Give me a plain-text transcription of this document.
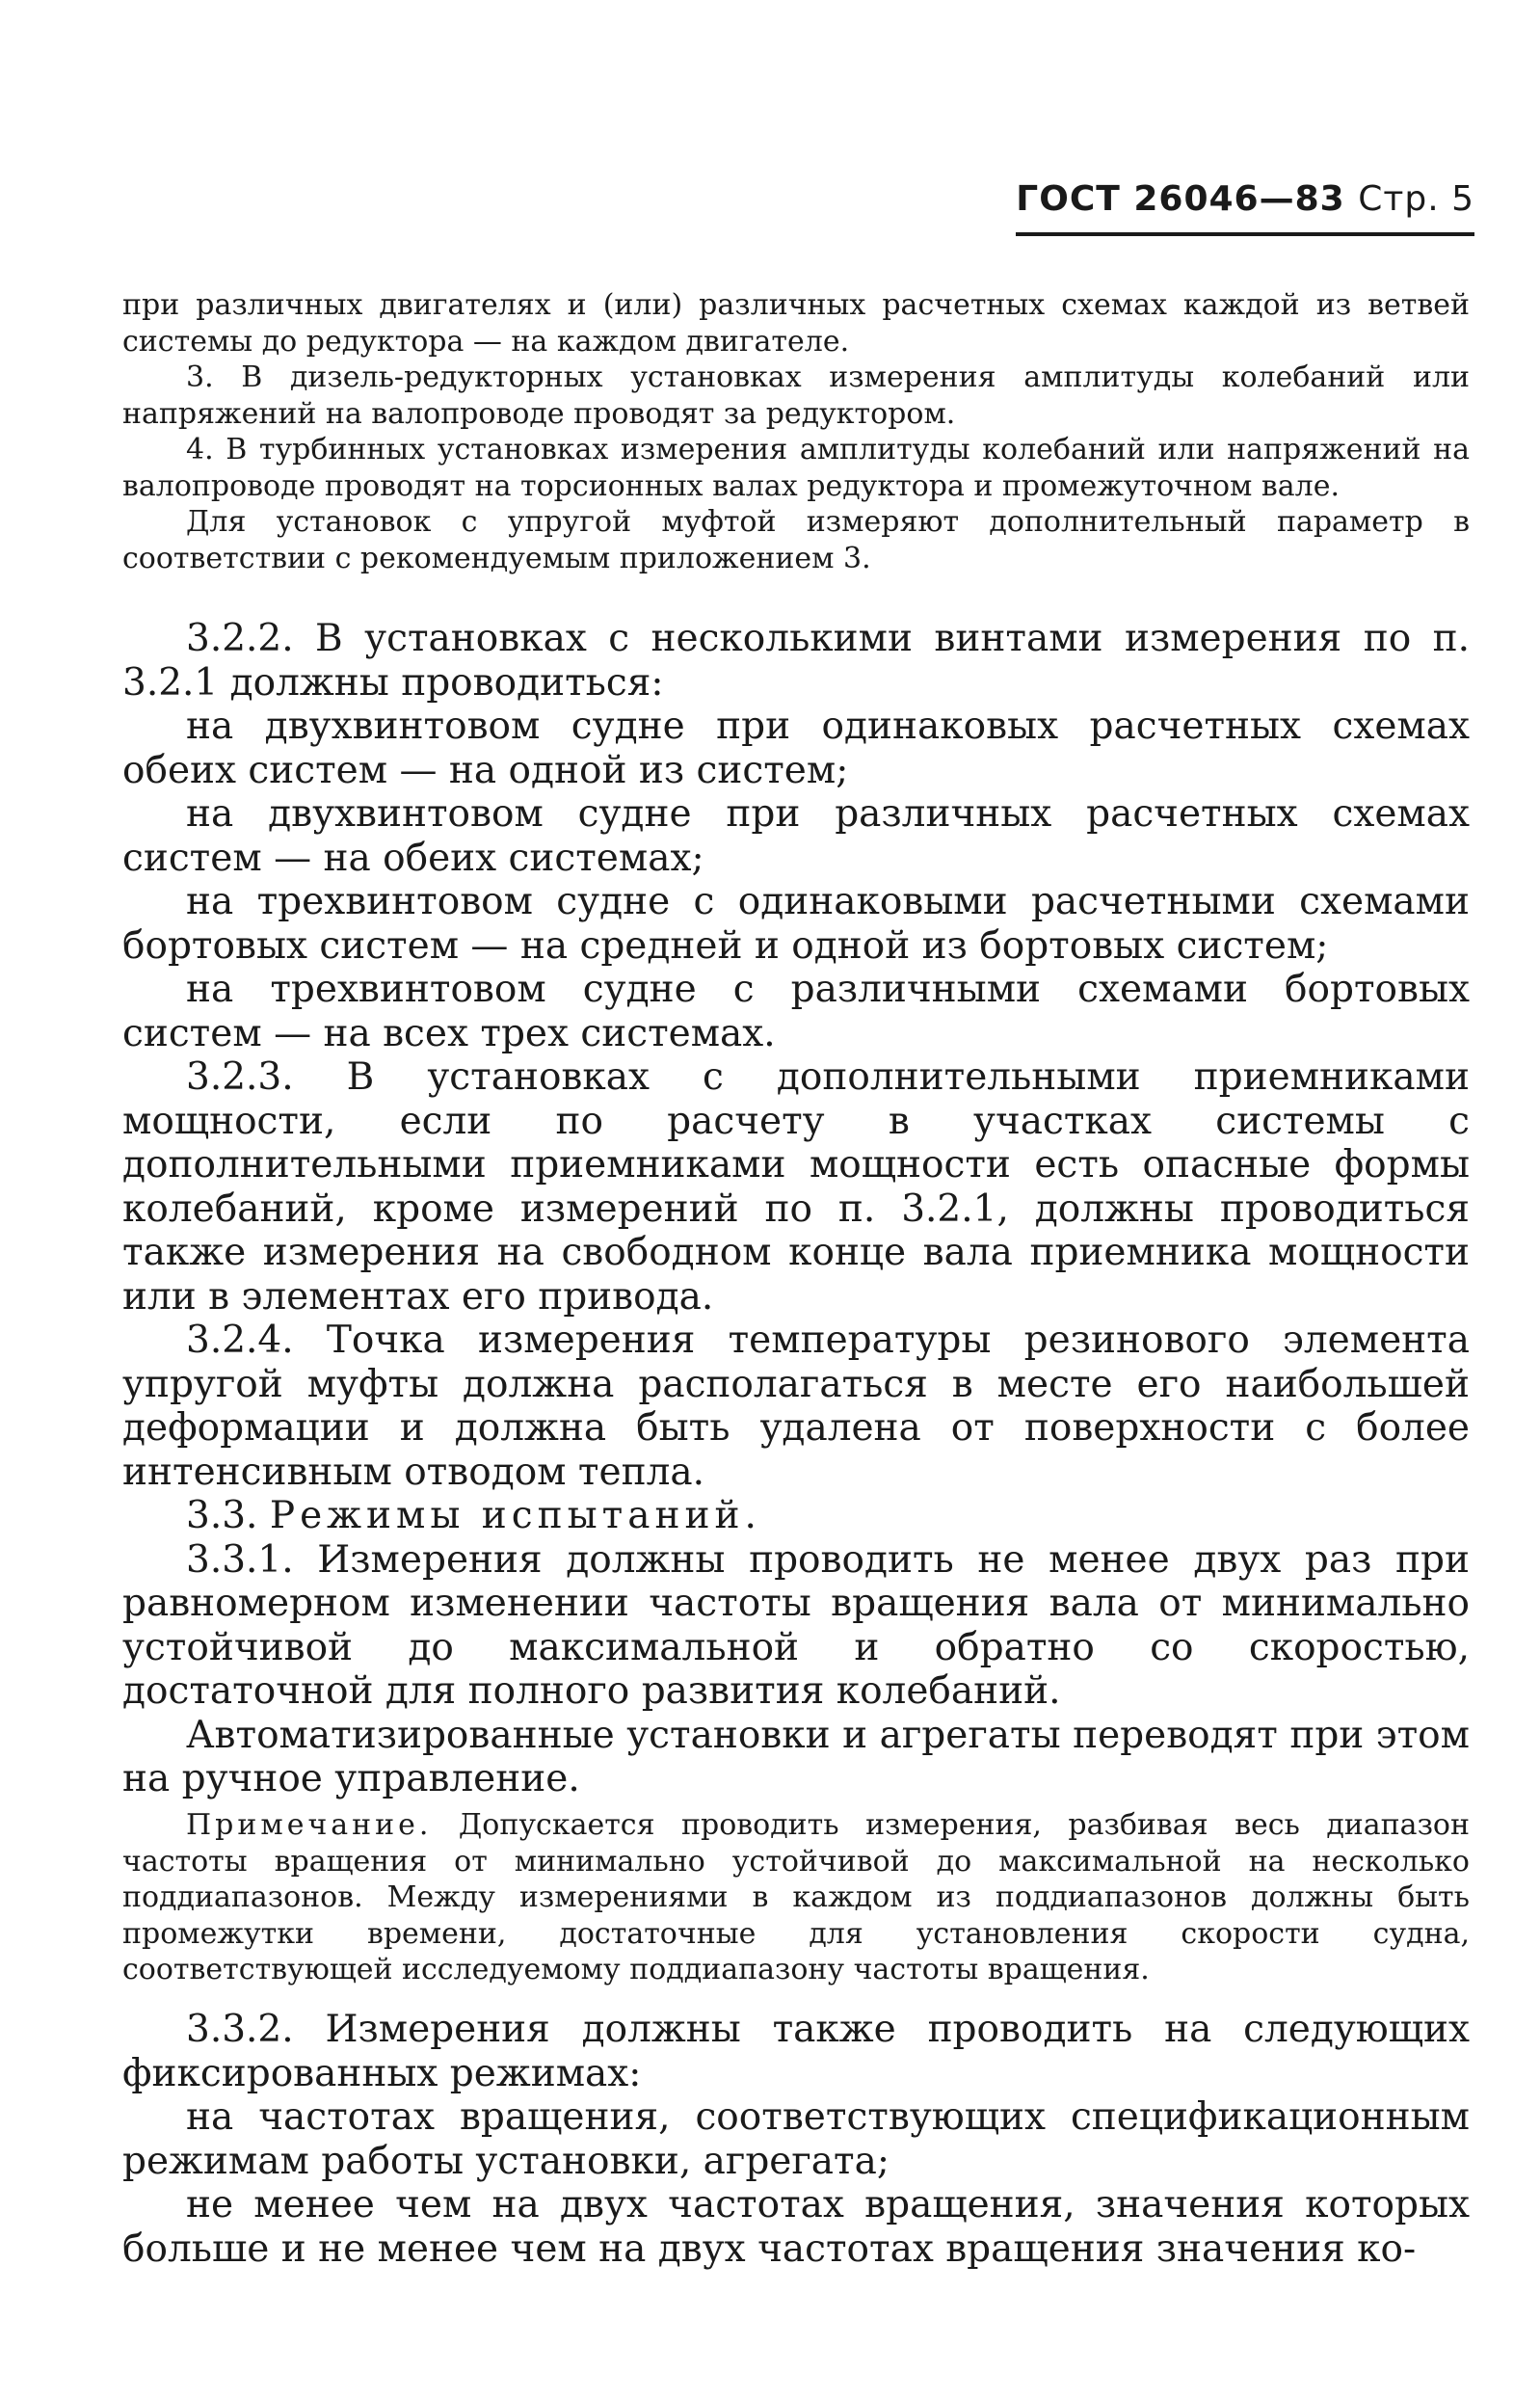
ГОСТ 26046—83 Стр. 5

при различных двигателях и (или) различных расчетных схемах каждой из ветвей системы до редуктора — на каждом двигателе.

3. В дизель-редукторных установках измерения амплитуды колебаний или напряжений на валопроводе проводят за редуктором.

4. В турбинных установках измерения амплитуды колебаний или напряжений на валопроводе проводят на торсионных валах редуктора и промежуточном вале.

Для установок с упругой муфтой измеряют дополнительный параметр в соответствии с рекомендуемым приложением 3.

3.2.2. В установках с несколькими винтами измерения по п. 3.2.1 должны проводиться:

на двухвинтовом судне при одинаковых расчетных схемах обеих систем — на одной из систем;

на двухвинтовом судне при различных расчетных схемах систем — на обеих системах;

на трехвинтовом судне с одинаковыми расчетными схемами бортовых систем — на средней и одной из бортовых систем;

на трехвинтовом судне с различными схемами бортовых систем — на всех трех системах.

3.2.3. В установках с дополнительными приемниками мощности, если по расчету в участках системы с дополнительными приемниками мощности есть опасные формы колебаний, кроме измерений по п. 3.2.1, должны проводиться также измерения на свободном конце вала приемника мощности или в элементах его привода.

3.2.4. Точка измерения температуры резинового элемента упругой муфты должна располагаться в месте его наибольшей деформации и должна быть удалена от поверхности с более интенсивным отводом тепла.

3.3. Режимы испытаний.

3.3.1. Измерения должны проводить не менее двух раз при равномерном изменении частоты вращения вала от минимально устойчивой до максимальной и обратно со скоростью, достаточной для полного развития колебаний.

Автоматизированные установки и агрегаты переводят при этом на ручное управление.

Примечание. Допускается проводить измерения, разбивая весь диапазон частоты вращения от минимально устойчивой до максимальной на несколько поддиапазонов. Между измерениями в каждом из поддиапазонов должны быть промежутки времени, достаточные для установления скорости судна, соответствующей исследуемому поддиапазону частоты вращения.

3.3.2. Измерения должны также проводить на следующих фиксированных режимах:

на частотах вращения, соответствующих спецификационным режимам работы установки, агрегата;

не менее чем на двух частотах вращения, значения которых больше и не менее чем на двух частотах вращения значения ко-
